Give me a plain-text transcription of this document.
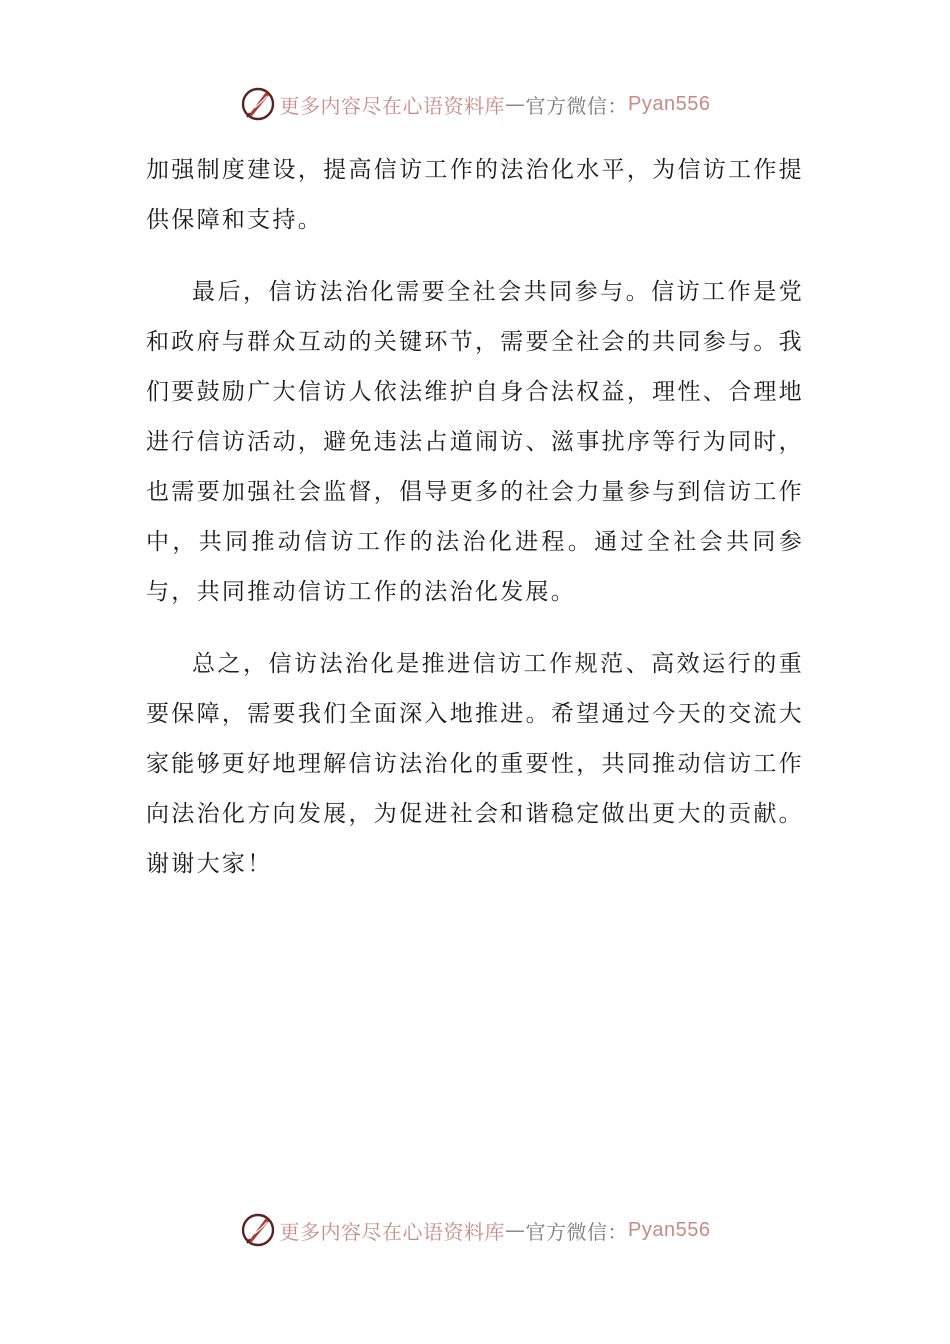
更多内容尽在心语资料库 — 官方微信： Pyan556

加强制度建设，提高信访工作的法治化水平，为信访工作提供保障和支持。

最后，信访法治化需要全社会共同参与。信访工作是党和政府与群众互动的关键环节，需要全社会的共同参与。我们要鼓励广大信访人依法维护自身合法权益，理性、合理地进行信访活动，避免违法占道闹访、滋事扰序等行为同时，也需要加强社会监督，倡导更多的社会力量参与到信访工作中，共同推动信访工作的法治化进程。通过全社会共同参与，共同推动信访工作的法治化发展。

总之，信访法治化是推进信访工作规范、高效运行的重要保障，需要我们全面深入地推进。希望通过今天的交流大家能够更好地理解信访法治化的重要性，共同推动信访工作向法治化方向发展，为促进社会和谐稳定做出更大的贡献。谢谢大家！

更多内容尽在心语资料库 — 官方微信： Pyan556
